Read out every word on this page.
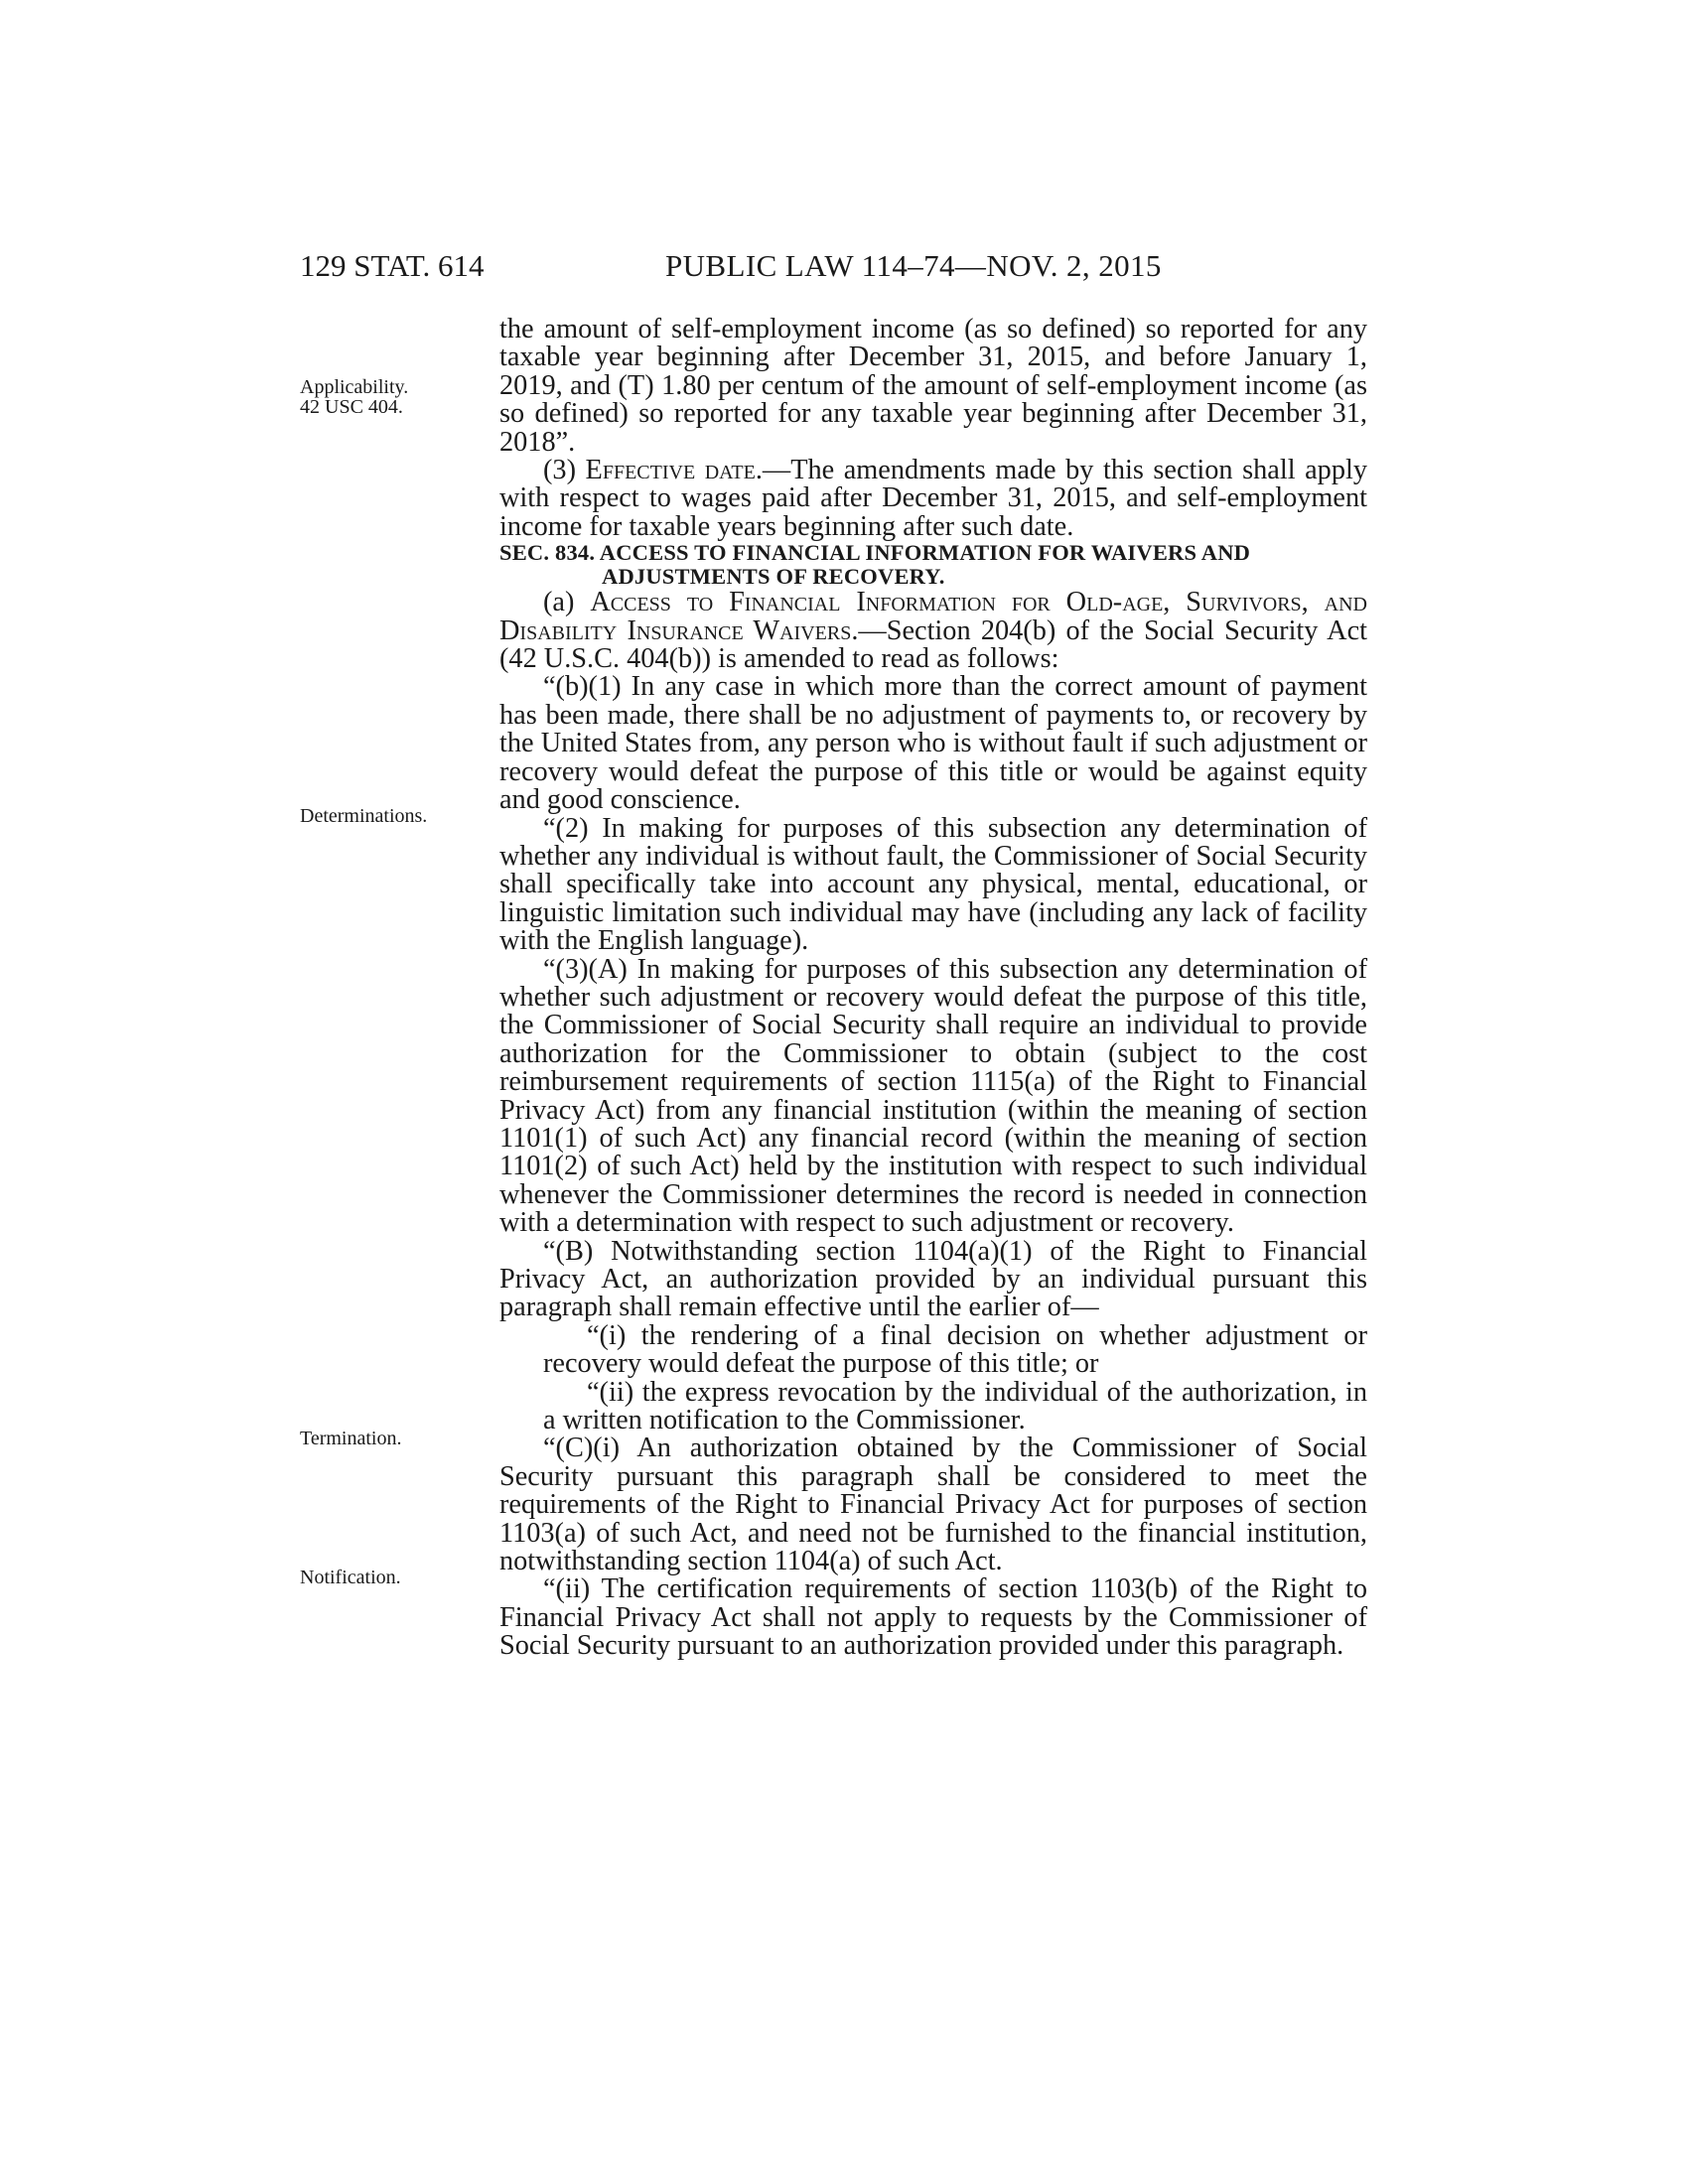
129 STAT. 614	PUBLIC LAW 114–74—NOV. 2, 2015
Applicability.
42 USC 404.
Determinations.
Termination.
Notification.

the amount of self-employment income (as so defined) so reported for any taxable year beginning after December 31, 2015, and before January 1, 2019, and (T) 1.80 per centum of the amount of self-employment income (as so defined) so reported for any taxable year beginning after December 31, 2018”.

(3) Effective date.—The amendments made by this section shall apply with respect to wages paid after December 31, 2015, and self-employment income for taxable years beginning after such date.

SEC. 834. ACCESS TO FINANCIAL INFORMATION FOR WAIVERS AND ADJUSTMENTS OF RECOVERY.

(a) Access to Financial Information for Old-age, Survivors, and Disability Insurance Waivers.—Section 204(b) of the Social Security Act (42 U.S.C. 404(b)) is amended to read as follows:

“(b)(1) In any case in which more than the correct amount of payment has been made, there shall be no adjustment of payments to, or recovery by the United States from, any person who is without fault if such adjustment or recovery would defeat the purpose of this title or would be against equity and good conscience.

“(2) In making for purposes of this subsection any determination of whether any individual is without fault, the Commissioner of Social Security shall specifically take into account any physical, mental, educational, or linguistic limitation such individual may have (including any lack of facility with the English language).

“(3)(A) In making for purposes of this subsection any determination of whether such adjustment or recovery would defeat the purpose of this title, the Commissioner of Social Security shall require an individual to provide authorization for the Commissioner to obtain (subject to the cost reimbursement requirements of section 1115(a) of the Right to Financial Privacy Act) from any financial institution (within the meaning of section 1101(1) of such Act) any financial record (within the meaning of section 1101(2) of such Act) held by the institution with respect to such individual whenever the Commissioner determines the record is needed in connection with a determination with respect to such adjustment or recovery.

“(B) Notwithstanding section 1104(a)(1) of the Right to Financial Privacy Act, an authorization provided by an individual pursuant this paragraph shall remain effective until the earlier of—

“(i) the rendering of a final decision on whether adjustment or recovery would defeat the purpose of this title; or

“(ii) the express revocation by the individual of the authorization, in a written notification to the Commissioner.

“(C)(i) An authorization obtained by the Commissioner of Social Security pursuant this paragraph shall be considered to meet the requirements of the Right to Financial Privacy Act for purposes of section 1103(a) of such Act, and need not be furnished to the financial institution, notwithstanding section 1104(a) of such Act.

“(ii) The certification requirements of section 1103(b) of the Right to Financial Privacy Act shall not apply to requests by the Commissioner of Social Security pursuant to an authorization provided under this paragraph.
